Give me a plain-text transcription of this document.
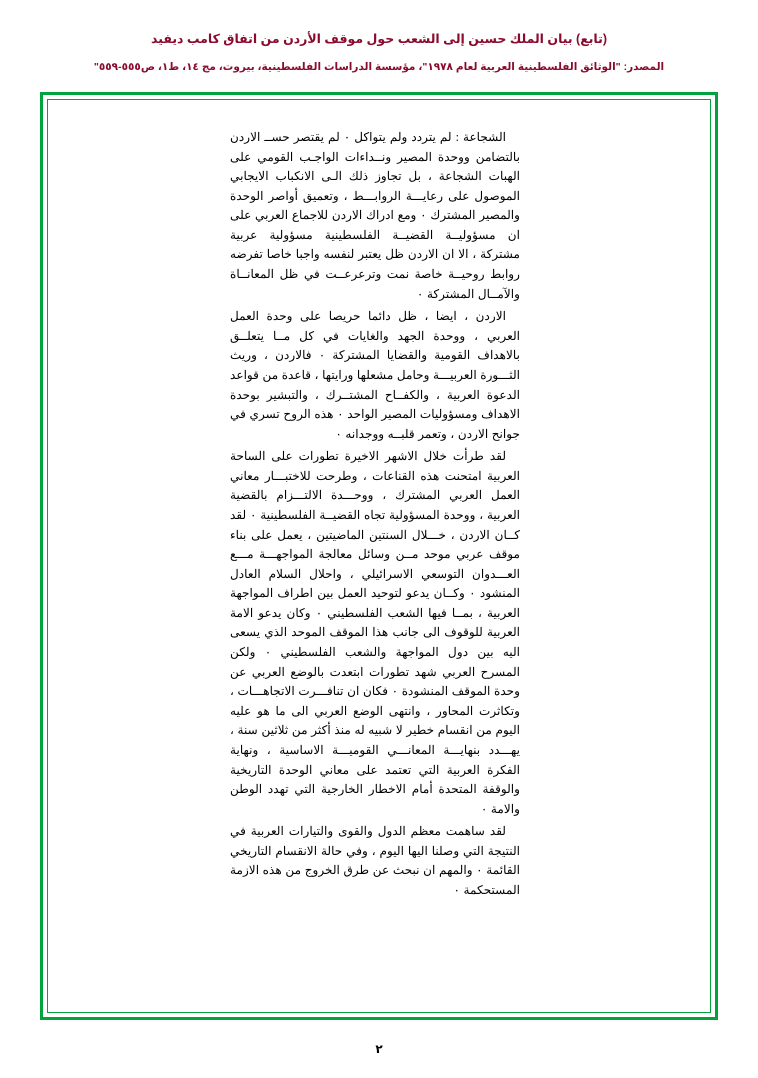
(تابع) بيان الملك حسين إلى الشعب حول موقف الأردن من اتفاق كامب ديفيد
المصدر: "الوثائق الفلسطينية العربية لعام ١٩٧٨"، مؤسسة الدراسات الفلسطينية، بيروت، مج ١٤، ط١، ص٥٥٥-٥٥٩"

الشجاعة : لم يتردد ولم يتواكل ٠ لم يقتصر حســ الاردن بالتضامن ووحدة المصير ونــداءات الواجـب القومي على الهبات الشجاعة ، بل تجاوز ذلك الـى الانكباب الايجابي الموصول على رعايـــة الروابـــط ، وتعميق أواصر الوحدة والمصير المشترك ٠ ومع ادراك الاردن للاجماع العربي على ان مسؤوليــة القضيــة الفلسطينية مسؤولية عربية مشتركة ، الا ان الاردن ظل يعتبر لنفسه واجبا خاصا تفرضه روابط روحيــة خاصة نمت وترعرعــت في ظل المعانــاة والآمــال المشتركة ٠

الاردن ، ايضا ، ظل دائما حريصا على وحدة العمل العربي ، ووحدة الجهد والغايات في كل مــا يتعلــق بالاهداف القومية والقضايا المشتركة ٠ فالاردن ، وريث الثـــورة العربيـــة وحامل مشعلها ورايتها ، قاعدة من قواعد الدعوة العربية ، والكفــاح المشتــرك ، والتبشير بوحدة الاهداف ومسؤوليات المصير الواحد ٠ هذه الروح تسري في جوانح الاردن ، وتعمر قلبــه ووجدانه ٠

لقد طرأت خلال الاشهر الاخيرة تطورات على الساحة العربية امتحنت هذه القناعات ، وطرحت للاختبـــار معاني العمل العربي المشترك ، ووحـــدة الالتـــزام بالقضية العربية ، ووحدة المسؤولية تجاه القضيــة الفلسطينية ٠ لقد كــان الاردن ، خـــلال السنتين الماضيتين ، يعمل على بناء موقف عربي موحد مــن وسائل معالجة المواجهـــة مـــع العـــدوان التوسعي الاسرائيلي ، واحلال السلام العادل المنشود ٠ وكــان يدعو لتوحيد العمل بين اطراف المواجهة العربية ، بمــا فيها الشعب الفلسطيني ٠ وكان يدعو الامة العربية للوقوف الى جانب هذا الموقف الموحد الذي يسعى اليه بين دول المواجهة والشعب الفلسطيني ٠ ولكن المسرح العربي شهد تطورات ابتعدت بالوضع العربي عن وحدة الموقف المنشودة ٠ فكان ان تنافـــرت الاتجاهـــات ، وتكاثرت المحاور ، وانتهى الوضع العربي الى ما هو عليه اليوم من انقسام خطير لا شبيه له منذ أكثر من ثلاثين سنة ، يهـــدد بنهايـــة المعانـــي القوميـــة الاساسية ، ونهاية الفكرة العربية التي تعتمد على معاني الوحدة التاريخية والوقفة المتحدة أمام الاخطار الخارجية التي تهدد الوطن والامة ٠

لقد ساهمت معظم الدول والقوى والتيارات العربية في النتيجة التي وصلنا اليها اليوم ، وفي حالة الانقسام التاريخي القائمة ٠ والمهم ان نبحث عن طرق الخروج من هذه الازمة المستحكمة ٠

٢
